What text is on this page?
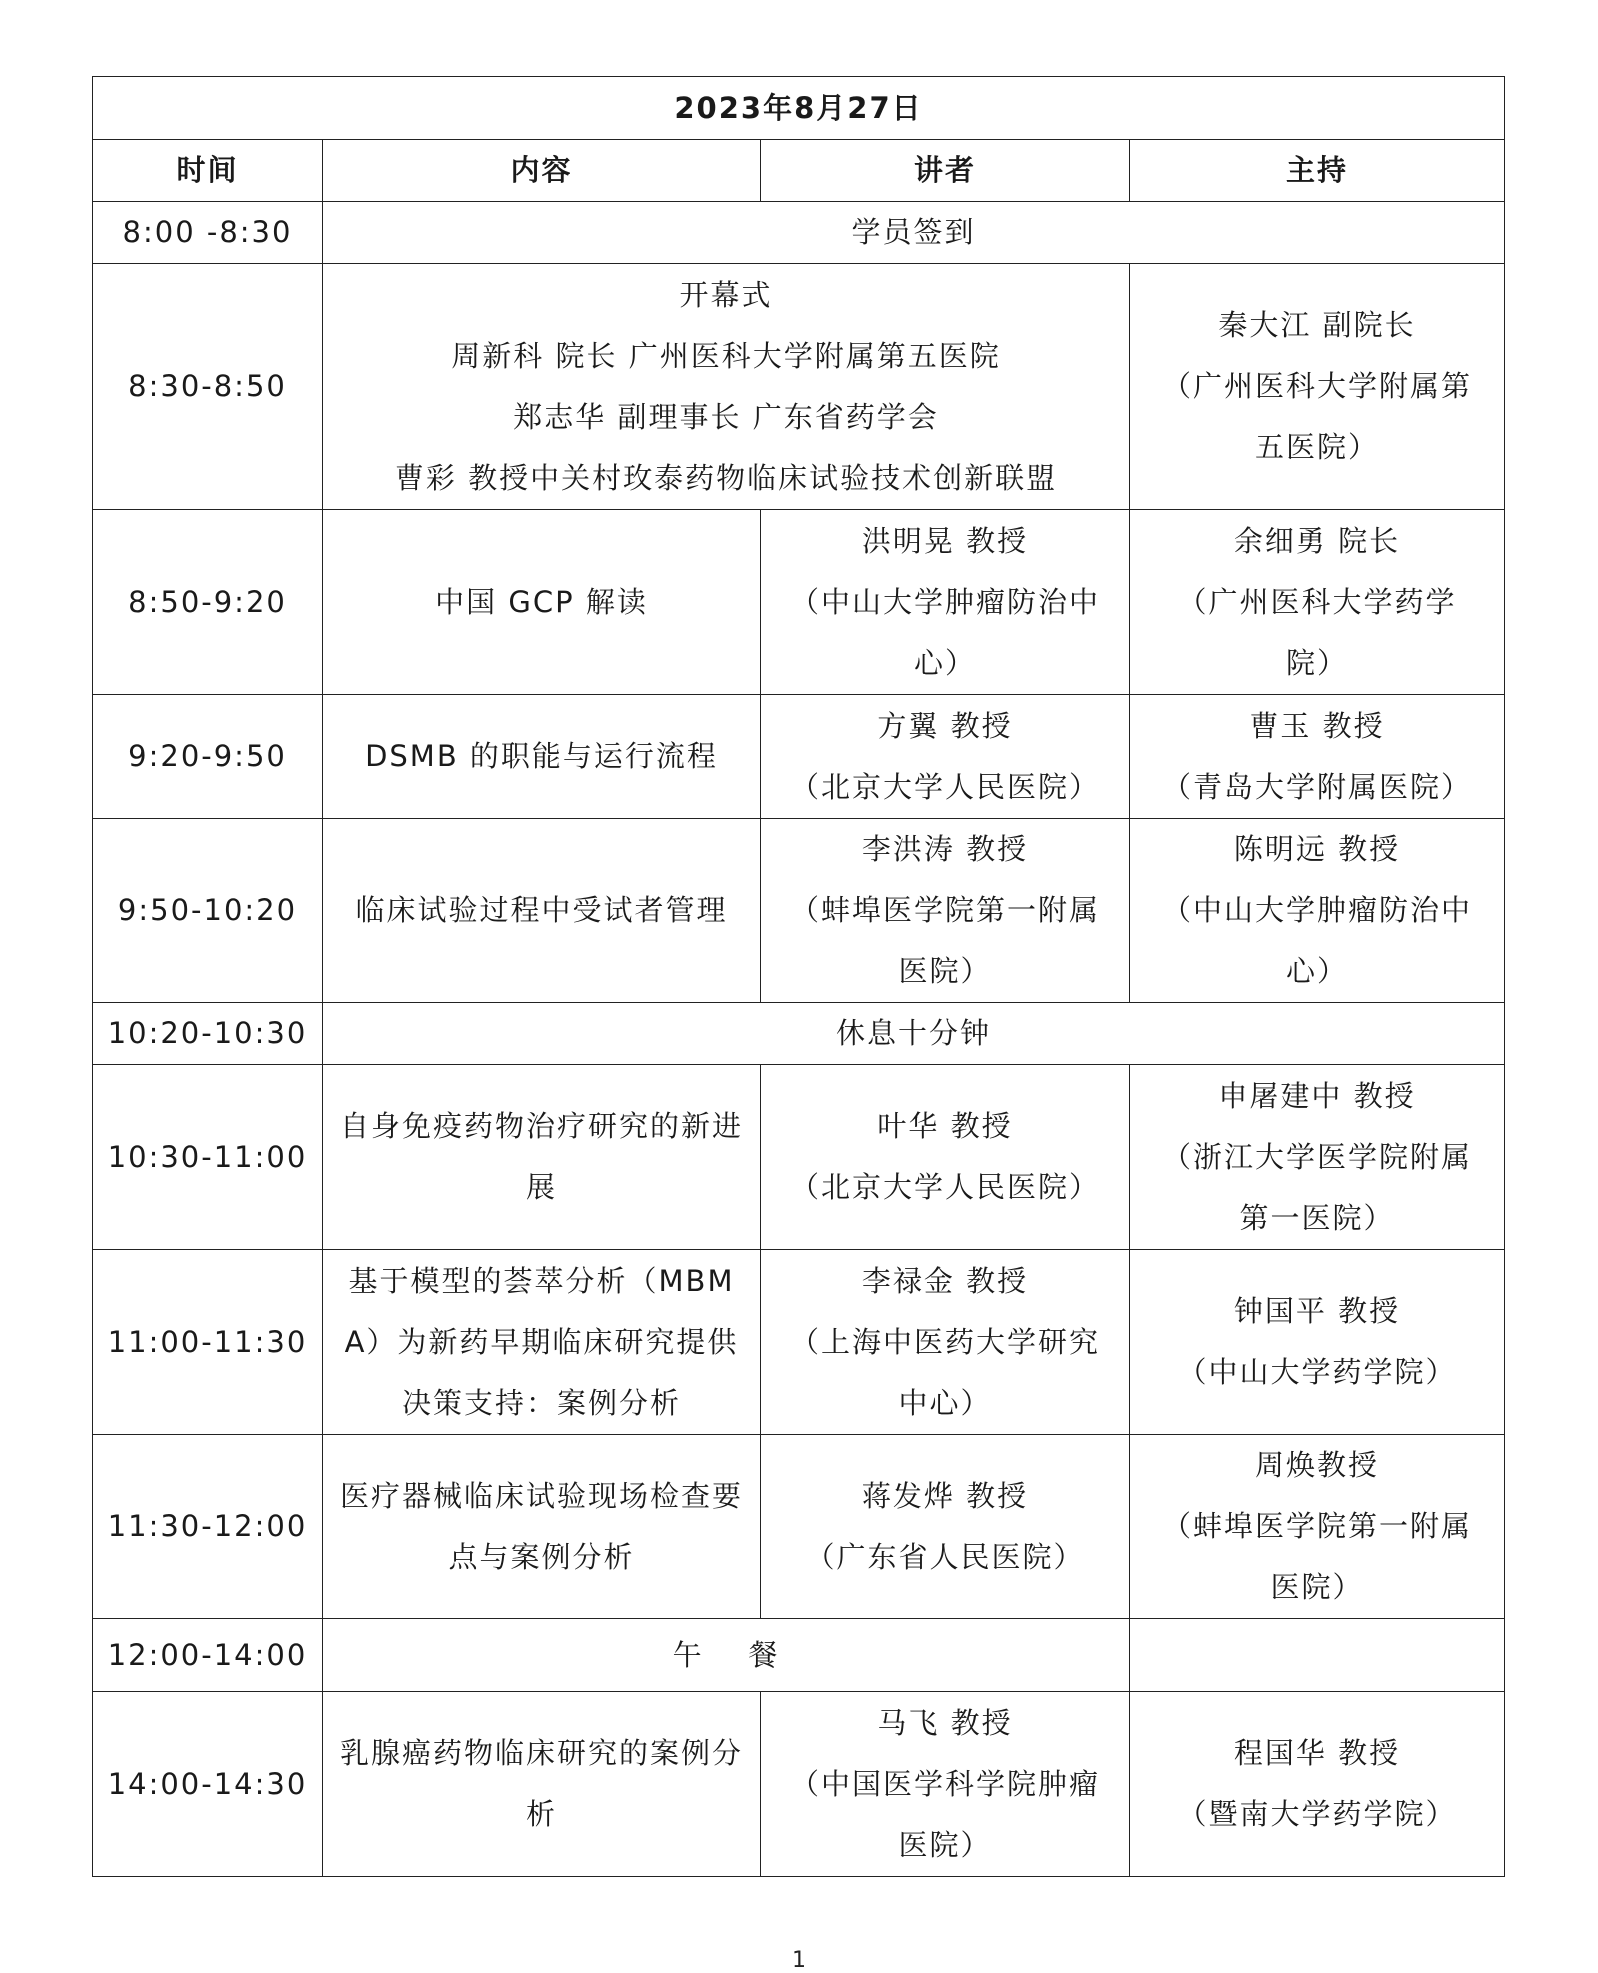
2023年8月27日			
时间	内容	讲者	主持
8:00 -8:30	学员签到		
8:30-8:50	开幕式
周新科 院长 广州医科大学附属第五医院
郑志华 副理事长 广东省药学会
曹彩 教授中关村玫泰药物临床试验技术创新联盟		秦大江 副院长
（广州医科大学附属第
五医院）

8:50-9:20	中国 GCP 解读	洪明晃 教授
（中山大学肿瘤防治中
心）	余细勇 院长
（广州医科大学药学
院）

9:20-9:50	DSMB 的职能与运行流程	方翼 教授
（北京大学人民医院）	曹玉 教授
（青岛大学附属医院）

9:50-10:20	临床试验过程中受试者管理	李洪涛 教授
（蚌埠医学院第一附属
医院）	陈明远 教授
（中山大学肿瘤防治中
心）

10:20-10:30	休息十分钟		
10:30-11:00	自身免疫药物治疗研究的新进展	叶华 教授
（北京大学人民医院）	申屠建中 教授
（浙江大学医学院附属
第一医院）

11:00-11:30	基于模型的荟萃分析（MBMA）为新药早期临床研究提供决策支持：案例分析	李禄金 教授
（上海中医药大学研究
中心）	钟国平 教授
（中山大学药学院）

11:30-12:00	医疗器械临床试验现场检查要点与案例分析	蒋发烨 教授
（广东省人民医院）	周焕教授
（蚌埠医学院第一附属
医院）

12:00-14:00	午    餐		
14:00-14:30	乳腺癌药物临床研究的案例分析	马飞 教授
（中国医学科学院肿瘤
医院）	程国华 教授
（暨南大学药学院）
1
